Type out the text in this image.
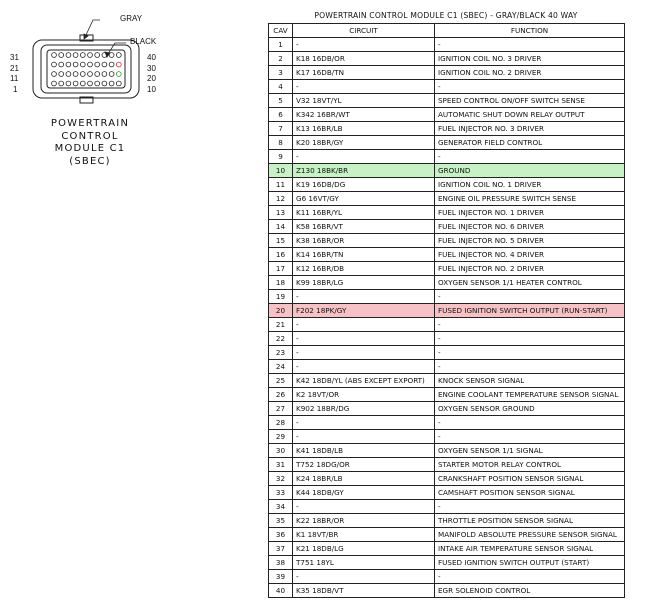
GRAY
BLACK
31
21
11
1
40
30
20
10
POWERTRAIN
CONTROL
MODULE C1
(SBEC)
POWERTRAIN CONTROL MODULE C1 (SBEC) - GRAY/BLACK 40 WAY
CAV	CIRCUIT	FUNCTION
1	-	-
2	K18 16DB/OR	IGNITION COIL NO. 3 DRIVER
3	K17 16DB/TN	IGNITION COIL NO. 2 DRIVER
4	-	-
5	V32 18VT/YL	SPEED CONTROL ON/OFF SWITCH SENSE
6	K342 16BR/WT	AUTOMATIC SHUT DOWN RELAY OUTPUT
7	K13 16BR/LB	FUEL INJECTOR NO. 3 DRIVER
8	K20 18BR/GY	GENERATOR FIELD CONTROL
9	-	-
10	Z130 18BK/BR	GROUND
11	K19 16DB/DG	IGNITION COIL NO. 1 DRIVER
12	G6 16VT/GY	ENGINE OIL PRESSURE SWITCH SENSE
13	K11 16BR/YL	FUEL INJECTOR NO. 1 DRIVER
14	K58 16BR/VT	FUEL INJECTOR NO. 6 DRIVER
15	K38 16BR/OR	FUEL INJECTOR NO. 5 DRIVER
16	K14 16BR/TN	FUEL INJECTOR NO. 4 DRIVER
17	K12 16BR/DB	FUEL INJECTOR NO. 2 DRIVER
18	K99 18BR/LG	OXYGEN SENSOR 1/1 HEATER CONTROL
19	-	-
20	F202 18PK/GY	FUSED IGNITION SWITCH OUTPUT (RUN-START)
21	-	-
22	-	-
23	-	-
24	-	-
25	K42 18DB/YL (ABS EXCEPT EXPORT)	KNOCK SENSOR SIGNAL
26	K2 18VT/OR	ENGINE COOLANT TEMPERATURE SENSOR SIGNAL
27	K902 18BR/DG	OXYGEN SENSOR GROUND
28	-	-
29	-	-
30	K41 18DB/LB	OXYGEN SENSOR 1/1 SIGNAL
31	T752 18DG/OR	STARTER MOTOR RELAY CONTROL
32	K24 18BR/LB	CRANKSHAFT POSITION SENSOR SIGNAL
33	K44 18DB/GY	CAMSHAFT POSITION SENSOR SIGNAL
34	-	-
35	K22 18BR/OR	THROTTLE POSITION SENSOR SIGNAL
36	K1 18VT/BR	MANIFOLD ABSOLUTE PRESSURE SENSOR SIGNAL
37	K21 18DB/LG	INTAKE AIR TEMPERATURE SENSOR SIGNAL
38	T751 18YL	FUSED IGNITION SWITCH OUTPUT (START)
39	-	-
40	K35 18DB/VT	EGR SOLENOID CONTROL
